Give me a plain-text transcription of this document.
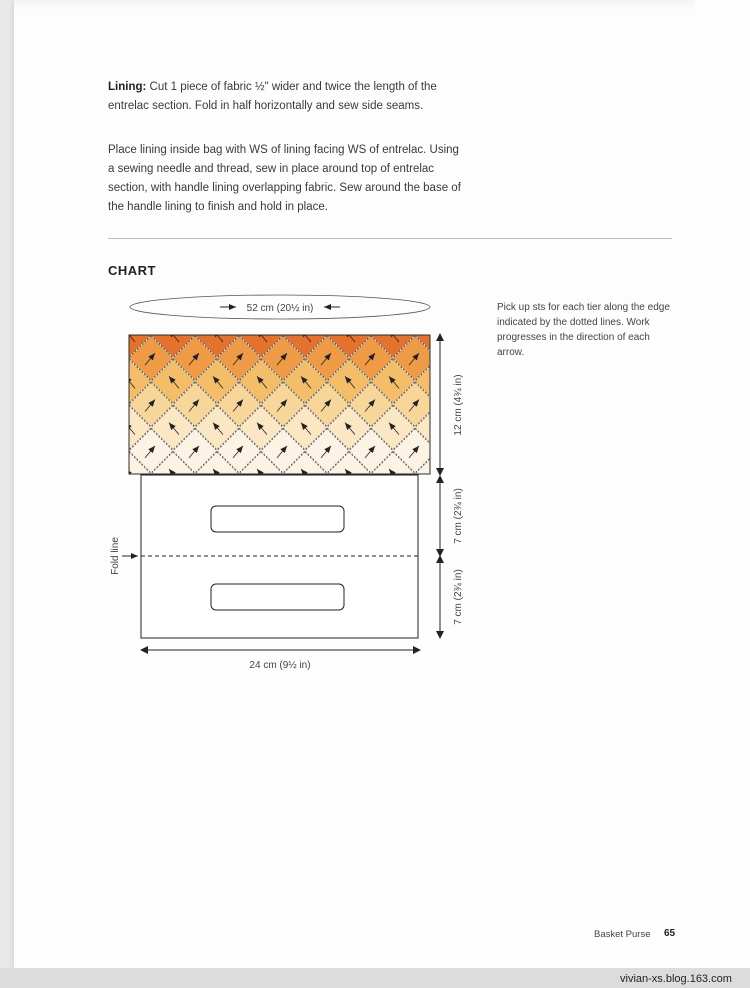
Lining: Cut 1 piece of fabric ½" wider and twice the length of the entrelac section. Fold in half horizontally and sew side seams.

Place lining inside bag with WS of lining facing WS of entrelac. Using a sewing needle and thread, sew in place around top of entrelac section, with handle lining overlapping fabric. Sew around the base of the handle lining to finish and hold in place.

CHART

Pick up sts for each tier along the edge indicated by the dotted lines. Work progresses in the direction of each arrow.

52 cm (20½ in)
Fold line
12 cm (4¾ in)
7 cm (2¾ in)
7 cm (2¾ in)
24 cm (9½ in)
Basket Purse 65
vivian-xs.blog.163.com
